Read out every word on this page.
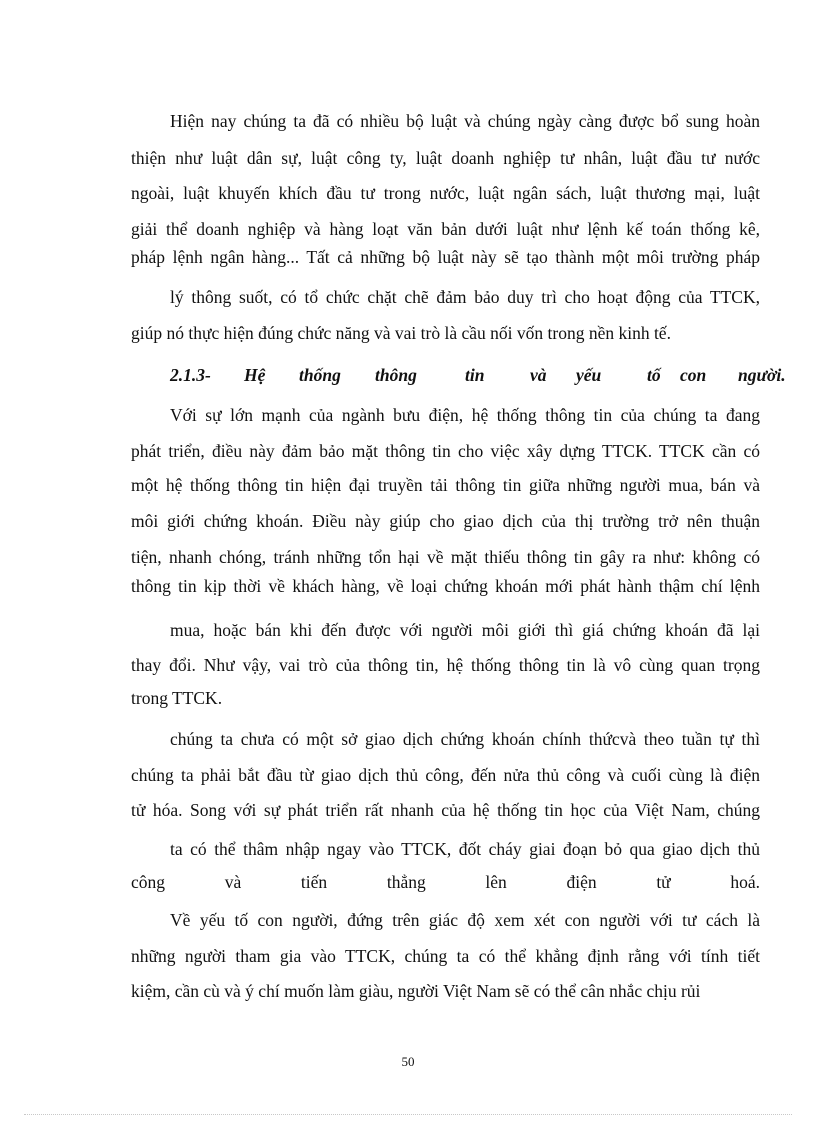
Hiện nay chúng ta đã có nhiều bộ luật và chúng ngày càng được bổ sung hoàn
thiện như luật dân sự, luật công ty, luật doanh nghiệp tư nhân, luật đầu tư nước
ngoài, luật khuyến khích đầu tư trong nước, luật ngân sách, luật thương mại, luật
giải thể doanh nghiệp và hàng loạt văn bản dưới luật như lệnh kế toán thống kê,
pháp lệnh ngân hàng... Tất cả những bộ luật này sẽ tạo thành một môi trường pháp
lý thông suốt, có tổ chức chặt chẽ đảm bảo duy trì cho hoạt động của TTCK,
giúp nó thực hiện đúng chức năng và vai trò là cầu nối vốn trong nền kinh tế.
2.1.3- Hệ thống thông	tin	và yếu	tố con người.
Với sự lớn mạnh của ngành bưu điện, hệ thống thông tin của chúng ta đang
phát triển, điều này đảm bảo mặt thông tin cho việc xây dựng TTCK. TTCK cần có
một hệ thống thông tin hiện đại truyền tải thông tin giữa những người mua, bán và
môi giới chứng khoán. Điều này giúp cho giao dịch của thị trường trở nên thuận
tiện, nhanh chóng, tránh những tổn hại về mặt thiếu thông tin gây ra như: không có
thông tin kịp thời về khách hàng, về loại chứng khoán mới phát hành thậm chí lệnh
mua, hoặc bán khi đến được với người môi giới thì giá chứng khoán đã lại
thay đổi. Như vậy, vai trò của thông tin, hệ thống thông tin là vô cùng quan trọng
trong TTCK.
chúng ta chưa có một sở giao dịch chứng khoán chính thứcvà theo tuần tự thì
chúng ta phải bắt đầu từ giao dịch thủ công, đến nửa thủ công và cuối cùng là điện
tử hóa. Song với sự phát triển rất nhanh của hệ thống tin học của Việt Nam, chúng
ta có thể thâm nhập ngay vào TTCK, đốt cháy giai đoạn bỏ qua giao dịch thủ
công và tiến thẳng lên điện tử hoá.
Về yếu tố con người, đứng trên giác độ xem xét con người với tư cách là
những người tham gia vào TTCK, chúng ta có thể khẳng định rằng với tính tiết
kiệm, cần cù và ý chí muốn làm giàu, người Việt Nam sẽ có thể cân nhắc chịu rủi
50
